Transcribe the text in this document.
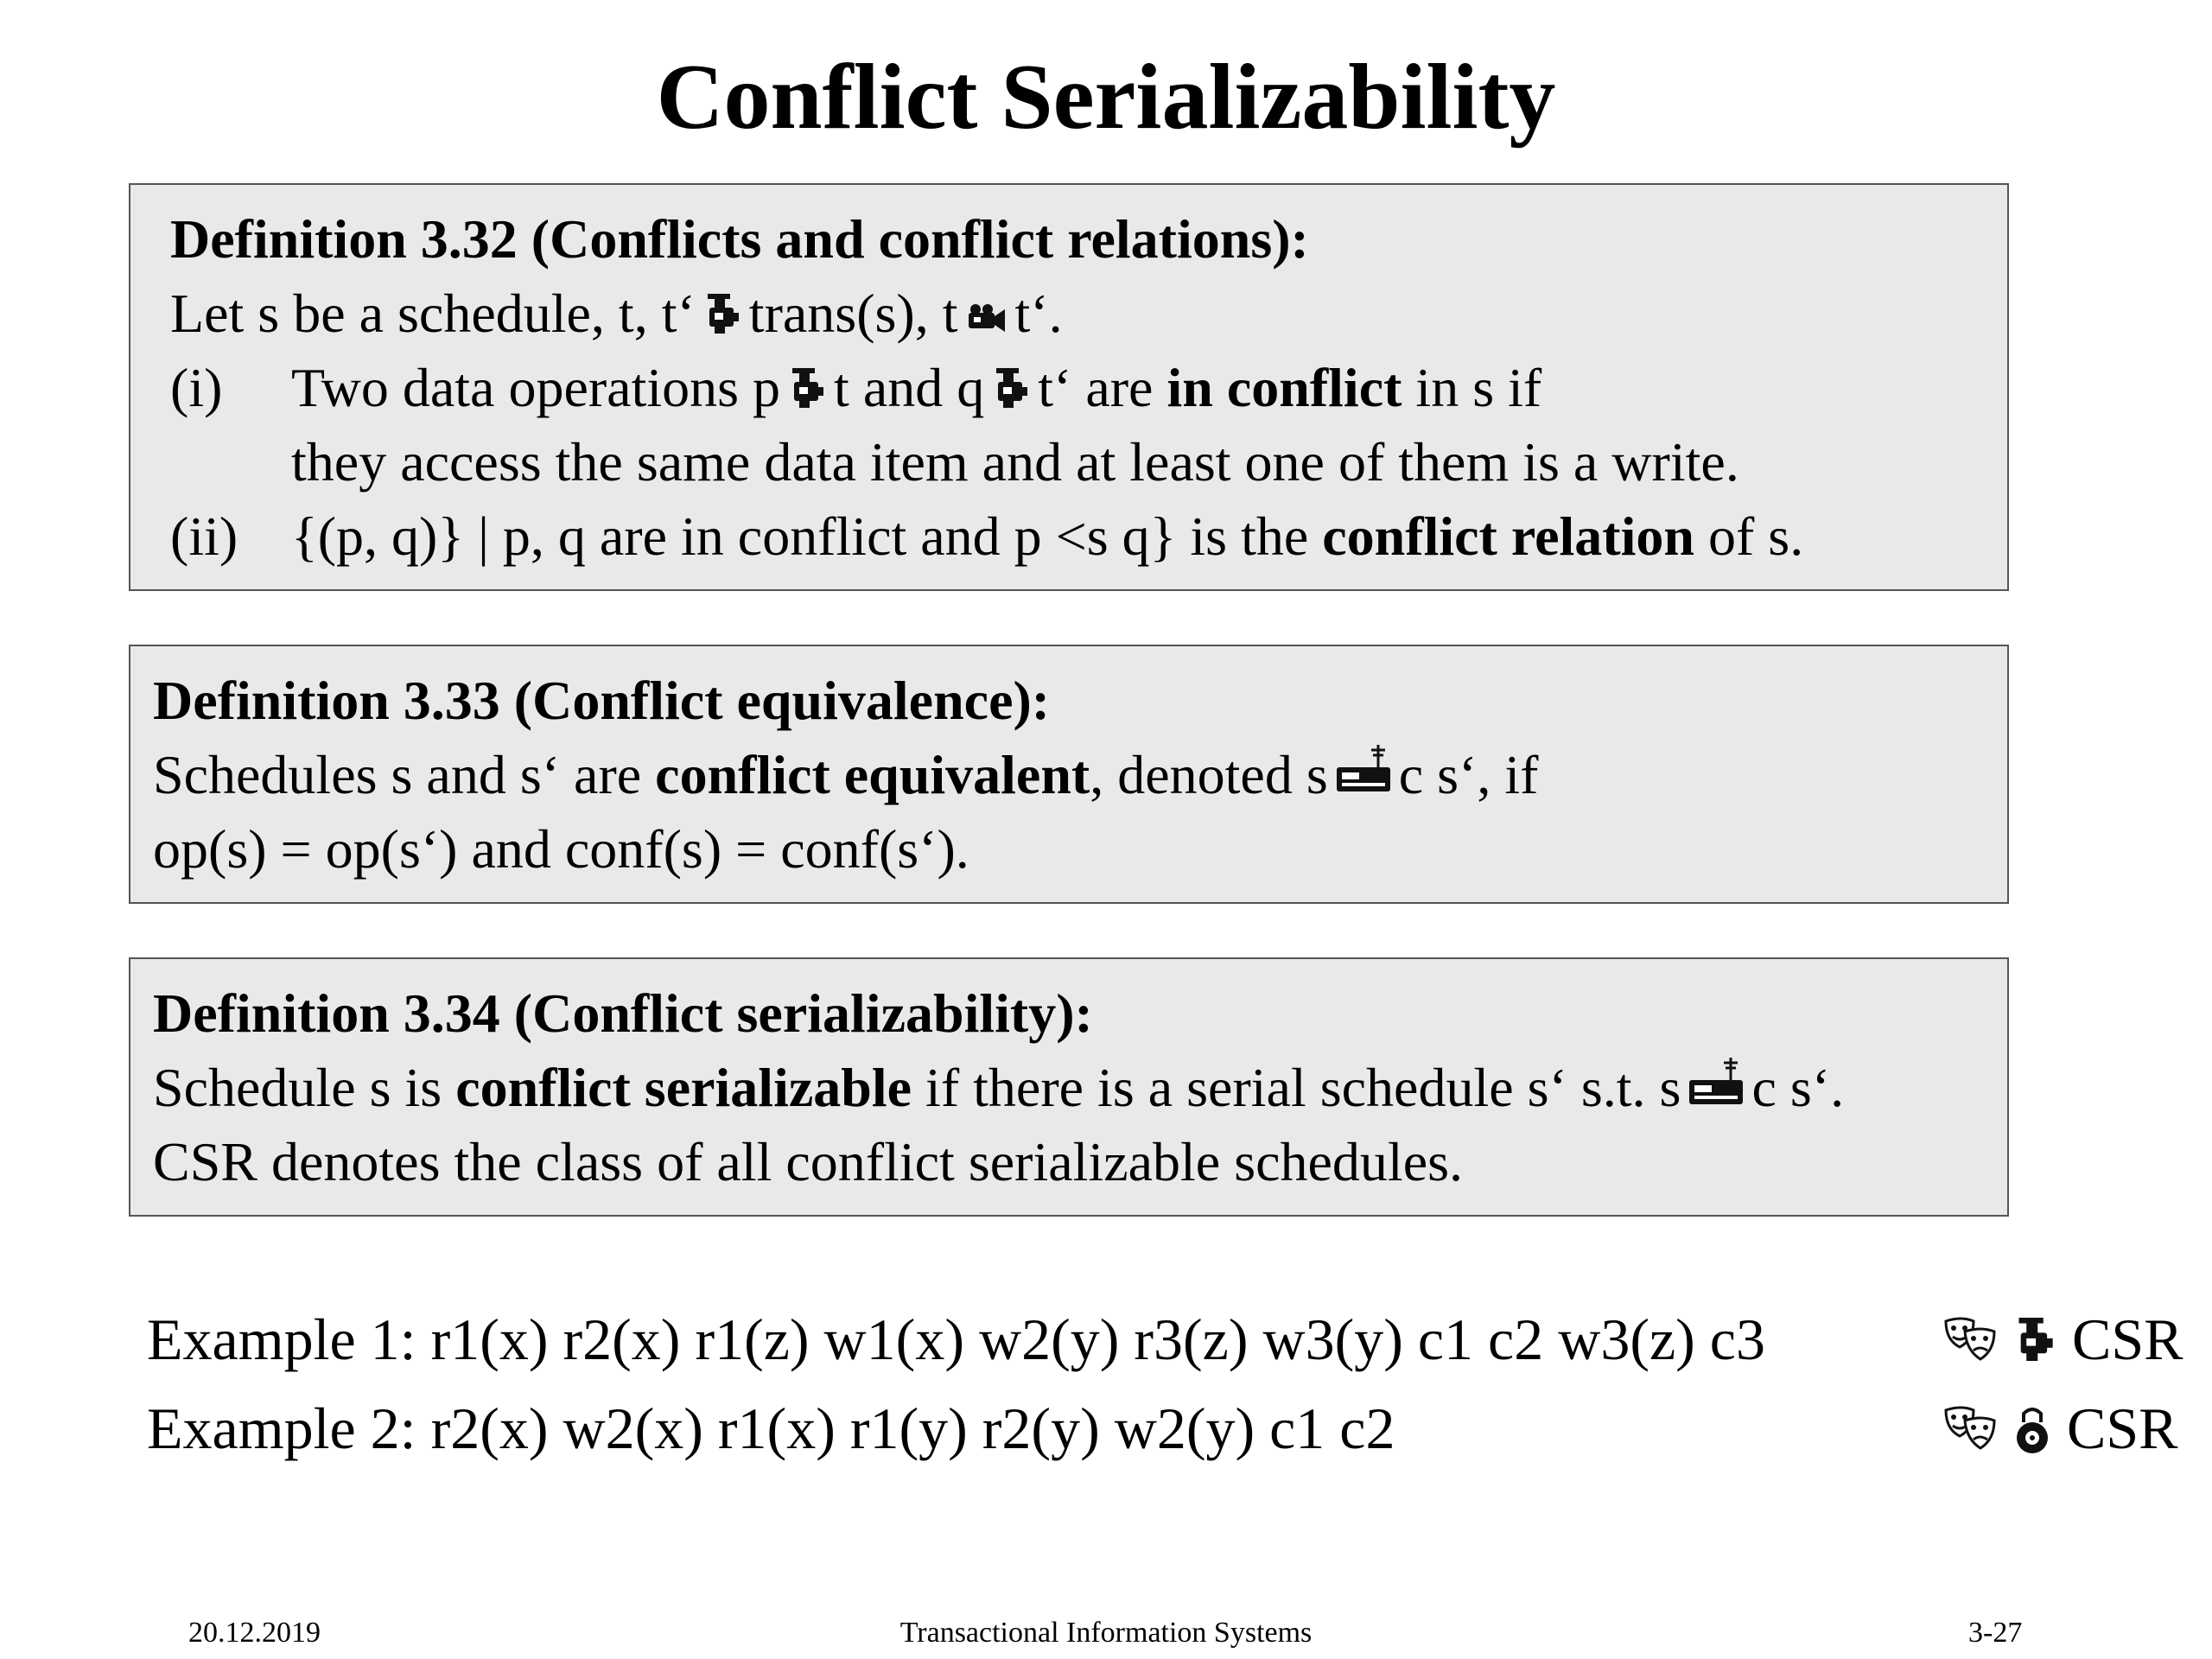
Conflict Serializability
Definition 3.32 (Conflicts and conflict relations):
Let s be a schedule, t, t‘ trans(s), t t‘.
(i)	Two data operations p t and q t‘ are in conflict in s if
they access the same data item and at least one of them is a write.
(ii) {(p, q)} | p, q are in conflict and p <s q} is the conflict relation of s.
Definition 3.33 (Conflict equivalence):
Schedules s and s‘ are conflict equivalent, denoted s c s‘, if
op(s) = op(s‘) and conf(s) = conf(s‘).
Definition 3.34 (Conflict serializability):
Schedule s is conflict serializable if there is a serial schedule s‘ s.t. s c s‘.
CSR denotes the class of all conflict serializable schedules.
Example 1: r1(x) r2(x) r1(z) w1(x) w2(y) r3(z) w3(y) c1 c2 w3(z) c3	CSR
Example 2: r2(x) w2(x) r1(x) r1(y) r2(y) w2(y) c1 c2	CSR
20.12.2019	Transactional Information Systems	3-27
